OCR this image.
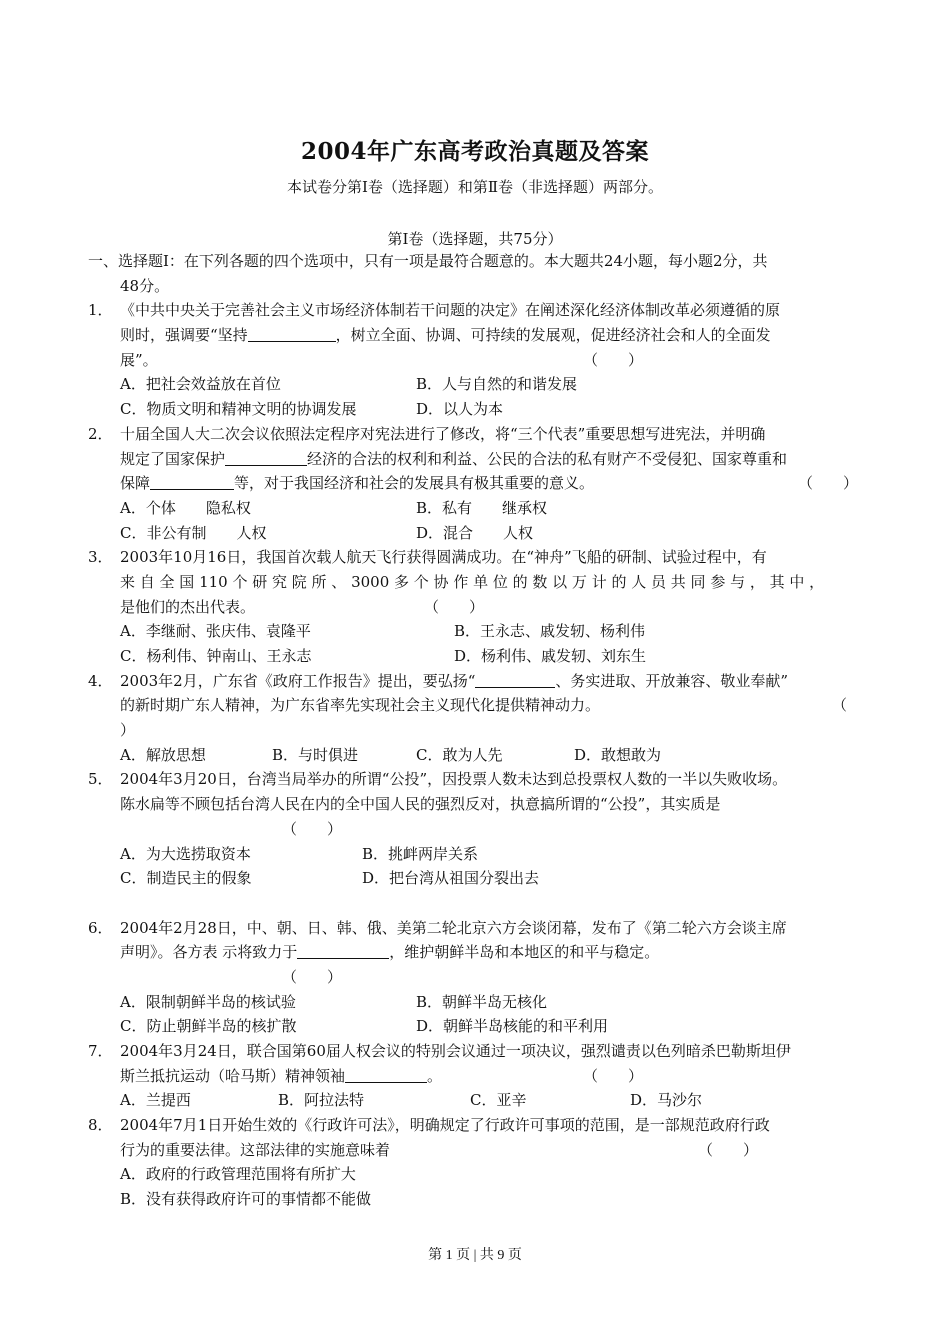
2004年广东高考政治真题及答案
本试卷分第Ⅰ卷（选择题）和第Ⅱ卷（非选择题）两部分。
第Ⅰ卷（选择题，共75分）
一、选择题Ⅰ：在下列各题的四个选项中，只有一项是最符合题意的。本大题共24小题，每小题2分，共
48分。
1． 《中共中央关于完善社会主义市场经济体制若干问题的决定》在阐述深化经济体制改革必须遵循的原
则时，强调要“坚持	，树立全面、协调、可持续的发展观，促进经济社会和人的全面发
展”。	（　　）
A．把社会效益放在首位	B．人与自然的和谐发展
C．物质文明和精神文明的协调发展	D．以人为本
2． 十届全国人大二次会议依照法定程序对宪法进行了修改，将“三个代表”重要思想写进宪法，并明确
规定了国家保护	经济的合法的权利和利益、公民的合法的私有财产不受侵犯、国家尊重和
保障	等，对于我国经济和社会的发展具有极其重要的意义。	（　　）
A．个体　　隐私权	B．私有　　继承权
C．非公有制　　人权	D．混合　　人权
3． 2003年10月16日，我国首次载人航天飞行获得圆满成功。在“神舟”飞船的研制、试验过程中，有
来 自 全 国 110 个 研 究 院 所 、 3000 多 个 协 作 单 位 的 数 以 万 计 的 人 员 共 同 参 与 ， 其 中 ，
是他们的杰出代表。	（　　）
A．李继耐、张庆伟、袁隆平	B．王永志、戚发轫、杨利伟
C．杨利伟、钟南山、王永志	D．杨利伟、戚发轫、刘东生
4． 2003年2月，广东省《政府工作报告》提出，要弘扬“	、务实进取、开放兼容、敬业奉献”
的新时期广东人精神，为广东省率先实现社会主义现代化提供精神动力。	（
）
A．解放思想	B．与时俱进	C．敢为人先	D．敢想敢为
5． 2004年3月20日，台湾当局举办的所谓“公投”，因投票人数未达到总投票权人数的一半以失败收场。
陈水扁等不顾包括台湾人民在内的全中国人民的强烈反对，执意搞所谓的“公投”，其实质是
（　　）
A．为大选捞取资本	B．挑衅两岸关系
C．制造民主的假象	D．把台湾从祖国分裂出去
6． 2004年2月28日，中、朝、日、韩、俄、美第二轮北京六方会谈闭幕，发布了《第二轮六方会谈主席
声明》。各方表 示将致力于	，维护朝鲜半岛和本地区的和平与稳定。
（　　）
A．限制朝鲜半岛的核试验	B．朝鲜半岛无核化
C．防止朝鲜半岛的核扩散	D．朝鲜半岛核能的和平利用
7． 2004年3月24日，联合国第60届人权会议的特别会议通过一项决议，强烈谴责以色列暗杀巴勒斯坦伊
斯兰抵抗运动（哈马斯）精神领袖	。	（　　）
A．兰提西	B．阿拉法特	C．亚辛	D．马沙尔
8． 2004年7月1日开始生效的《行政许可法》，明确规定了行政许可事项的范围，是一部规范政府行政
行为的重要法律。这部法律的实施意味着	（　　）
A．政府的行政管理范围将有所扩大
B．没有获得政府许可的事情都不能做
第 1 页 | 共 9 页
